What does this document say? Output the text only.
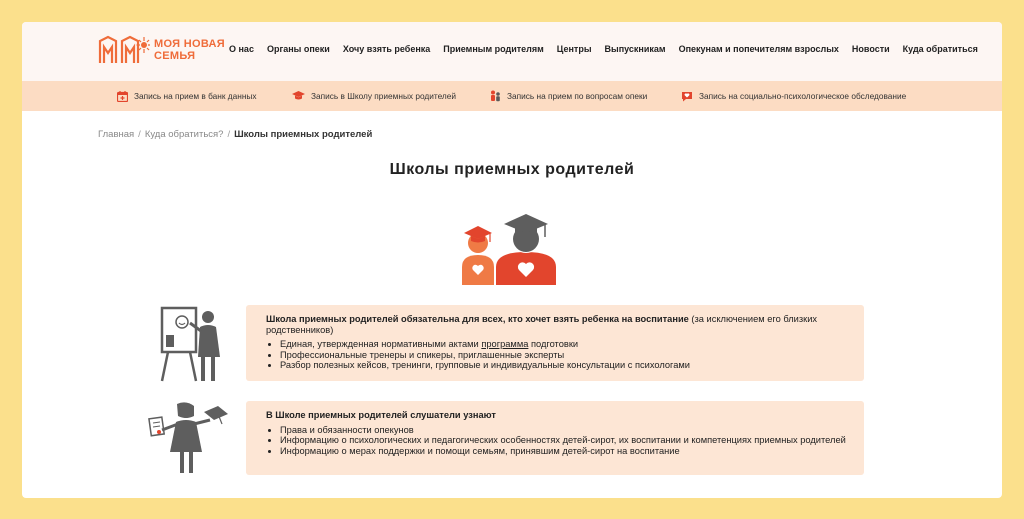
МОЯ НОВАЯ
СЕМЬЯ
О нас Органы опеки Хочу взять ребенка Приемным родителям Центры Выпускникам Опекунам и попечителям взрослых Новости Куда обратиться
Запись на прием в банк данных	Запись в Школу приемных родителей	Запись на прием по вопросам опеки	Запись на социально-психологическое обследование
Главная / Куда обратиться? / Школы приемных родителей
Школы приемных родителей
Школа приемных родителей обязательна для всех, кто хочет взять ребенка на воспитание (за исключением его близких родственников)
• Единая, утвержденная нормативными актами программа подготовки
• Профессиональные тренеры и спикеры, приглашенные эксперты
• Разбор полезных кейсов, тренинги, групповые и индивидуальные консультации с психологами
В Школе приемных родителей слушатели узнают
• Права и обязанности опекунов
• Информацию о психологических и педагогических особенностях детей-сирот, их воспитании и компетенциях приемных родителей
• Информацию о мерах поддержки и помощи семьям, принявшим детей-сирот на воспитание
